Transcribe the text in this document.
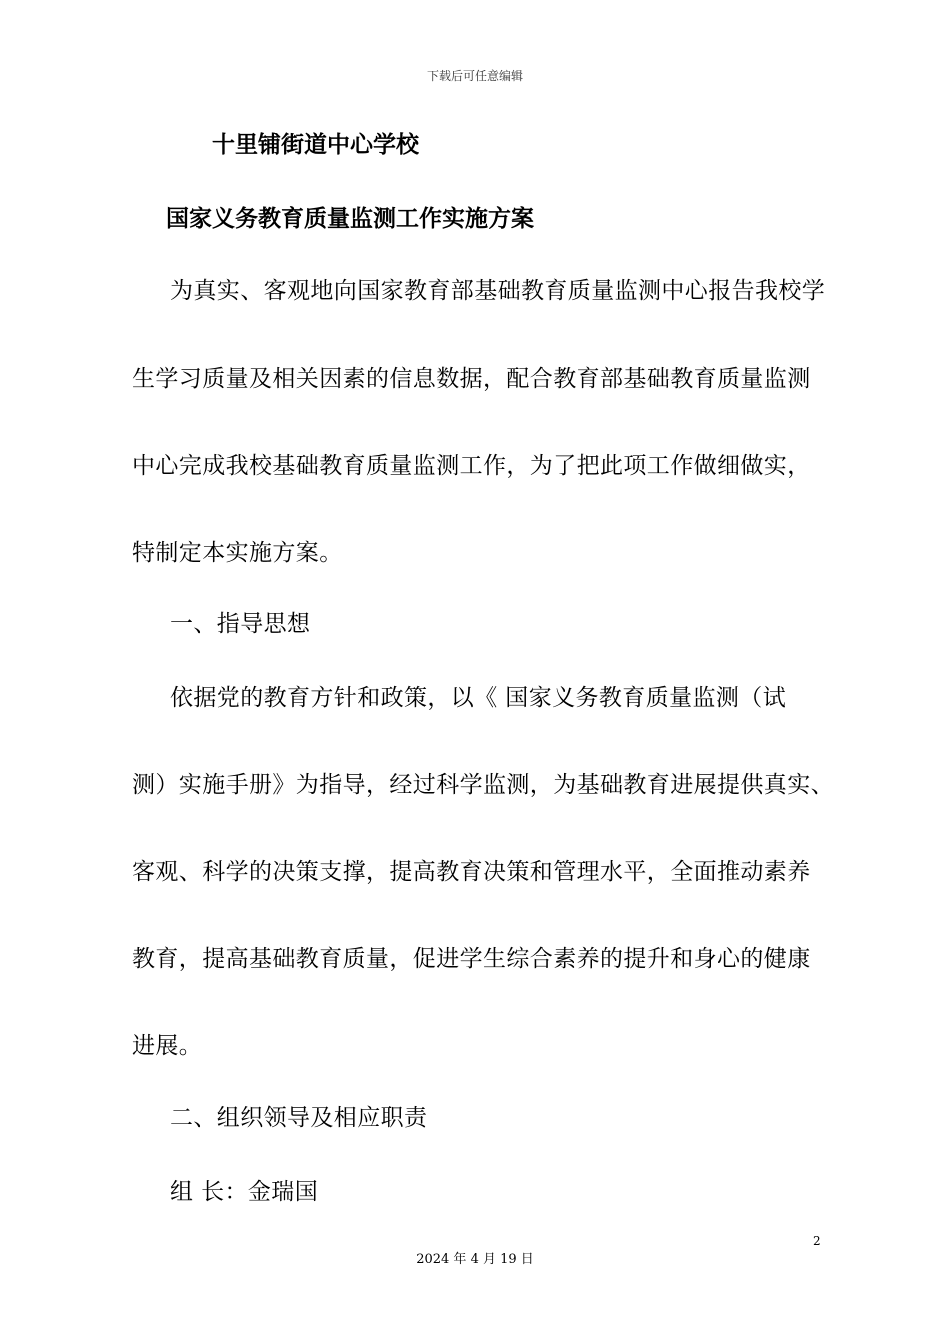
下载后可任意编辑
十里铺街道中心学校
国家义务教育质量监测工作实施方案
为真实、客观地向国家教育部基础教育质量监测中心报告我校学
生学习质量及相关因素的信息数据，配合教育部基础教育质量监测
中心完成我校基础教育质量监测工作，为了把此项工作做细做实，
特制定本实施方案。
一、指导思想
依据党的教育方针和政策，以《 国家义务教育质量监测（试
测）实施手册》为指导，经过科学监测，为基础教育进展提供真实、
客观、科学的决策支撑，提高教育决策和管理水平，全面推动素养
教育，提高基础教育质量，促进学生综合素养的提升和身心的健康
进展。
二、组织领导及相应职责
组 长：金瑞国
2
2024 年 4 月 19 日
